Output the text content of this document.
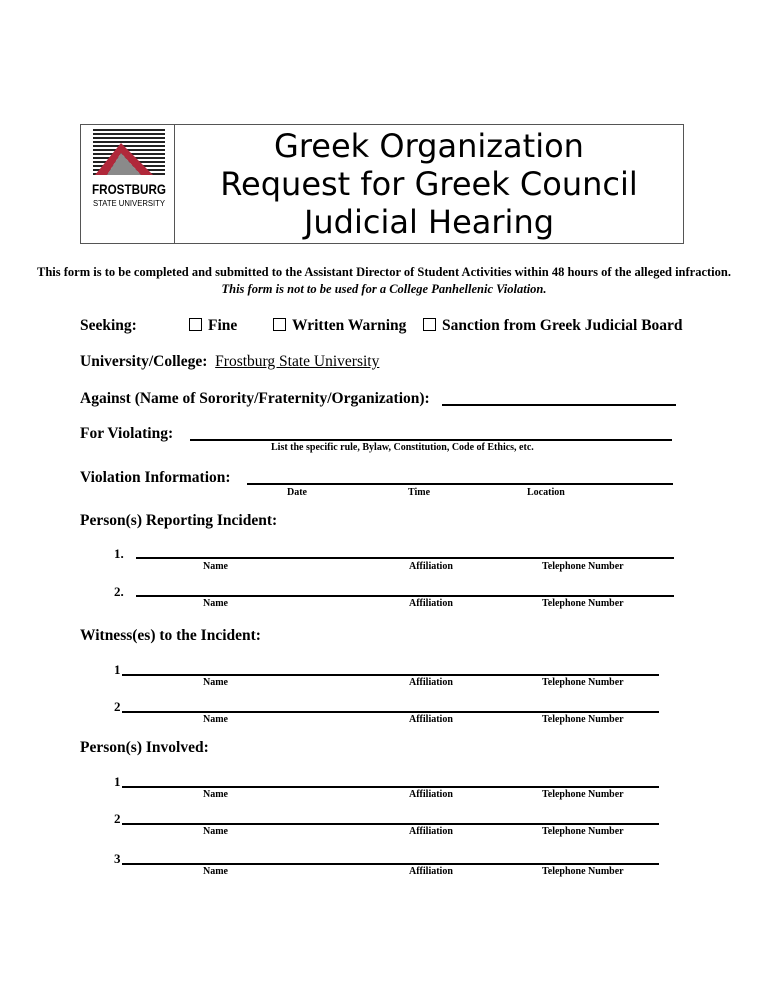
FROSTBURG
STATE UNIVERSITY
Greek Organization
Request for Greek Council
Judicial Hearing
This form is to be completed and submitted to the Assistant Director of Student Activities within 48 hours of the alleged infraction. This form is not to be used for a College Panhellenic Violation.
Seeking:	Fine	Written Warning	Sanction from Greek Judicial Board
University/College: Frostburg State University
Against (Name of Sorority/Fraternity/Organization):
For Violating:
List the specific rule, Bylaw, Constitution, Code of Ethics, etc.
Violation Information:
Date	Time	Location
Person(s) Reporting Incident:
1.
Name	Affiliation	Telephone Number
2.
Name	Affiliation	Telephone Number
Witness(es) to the Incident:
1
Name	Affiliation	Telephone Number
2
Name	Affiliation	Telephone Number
Person(s) Involved:
1
Name	Affiliation	Telephone Number
2
Name	Affiliation	Telephone Number
3
Name	Affiliation	Telephone Number
